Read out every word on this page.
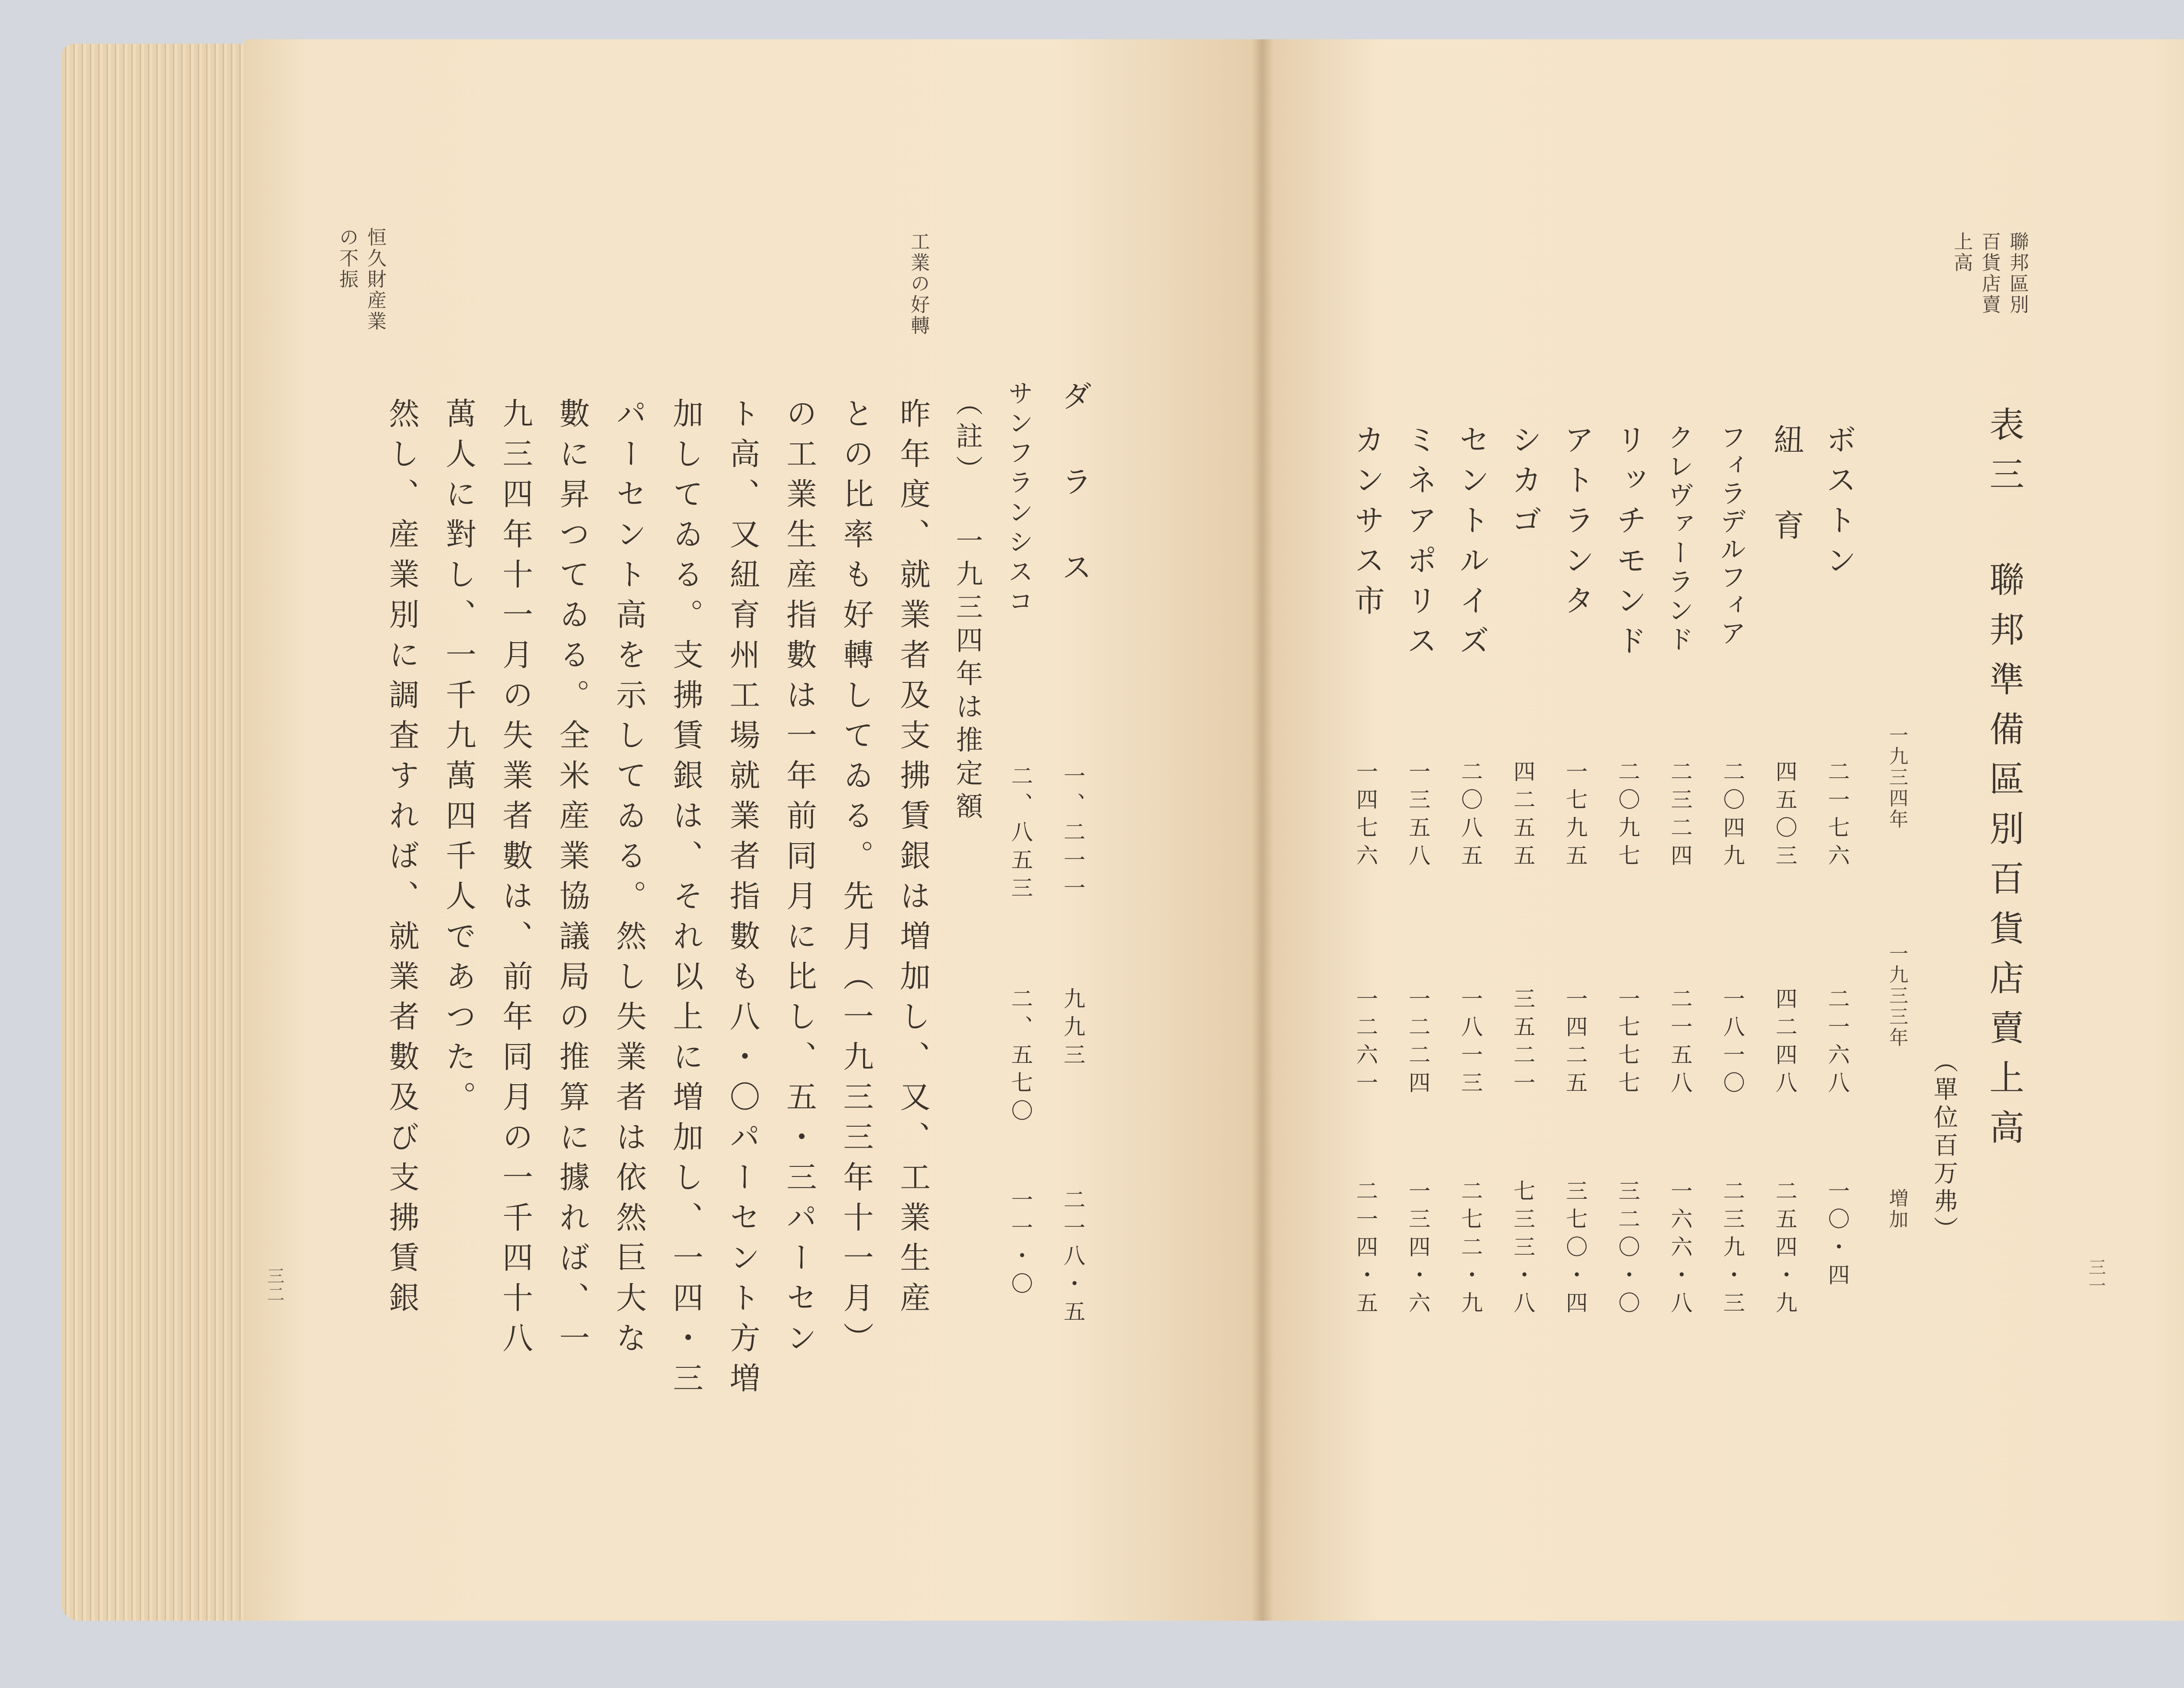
ダ ラ ス
一、二一一
九九三
二一八・五
サンフランシスコ
二、八五三
二、五七〇
一一・〇
（註） 一九三四年は推定額
昨年度、就業者及支拂賃銀は増加し、又、工業生産
との比率も好轉してゐる。先月（一九三三年十一月）
の工業生産指數は一年前同月に比し、五・三パーセン
ト高、又紐育州工場就業者指數も八・〇パーセント方増
加してゐる。支拂賃銀は、それ以上に増加し、一四・三
パーセント高を示してゐる。然し失業者は依然巨大な
數に昇つてゐる。全米産業協議局の推算に據れば、一
九三四年十一月の失業者數は、前年同月の一千四十八
萬人に對し、一千九萬四千人であつた。
然し、産業別に調査すれば、就業者數及び支拂賃銀
工業の好轉
恒久財産業の不振
三二
聯邦區別百貨店賣上高
表三 聯邦準備區別百貨店賣上高
（單位百万弗）
一九三四年
一九三三年
増加
ボストン
二一七六
二一六八
一〇・四
紐 育
四五〇三
四二四八
二五四・九
フィラデルフィア
二〇四九
一八一〇
二三九・三
クレヴァーランド
二三二四
二一五八
一六六・八
リッチモンド
二〇九七
一七七七
三二〇・〇
アトランタ
一七九五
一四二五
三七〇・四
シカゴ
四二五五
三五二一
七三三・八
セントルイズ
二〇八五
一八一三
二七二・九
ミネアポリス
一三五八
一二二四
一三四・六
カンサス市
一四七六
一二六一
二一四・五	三一
